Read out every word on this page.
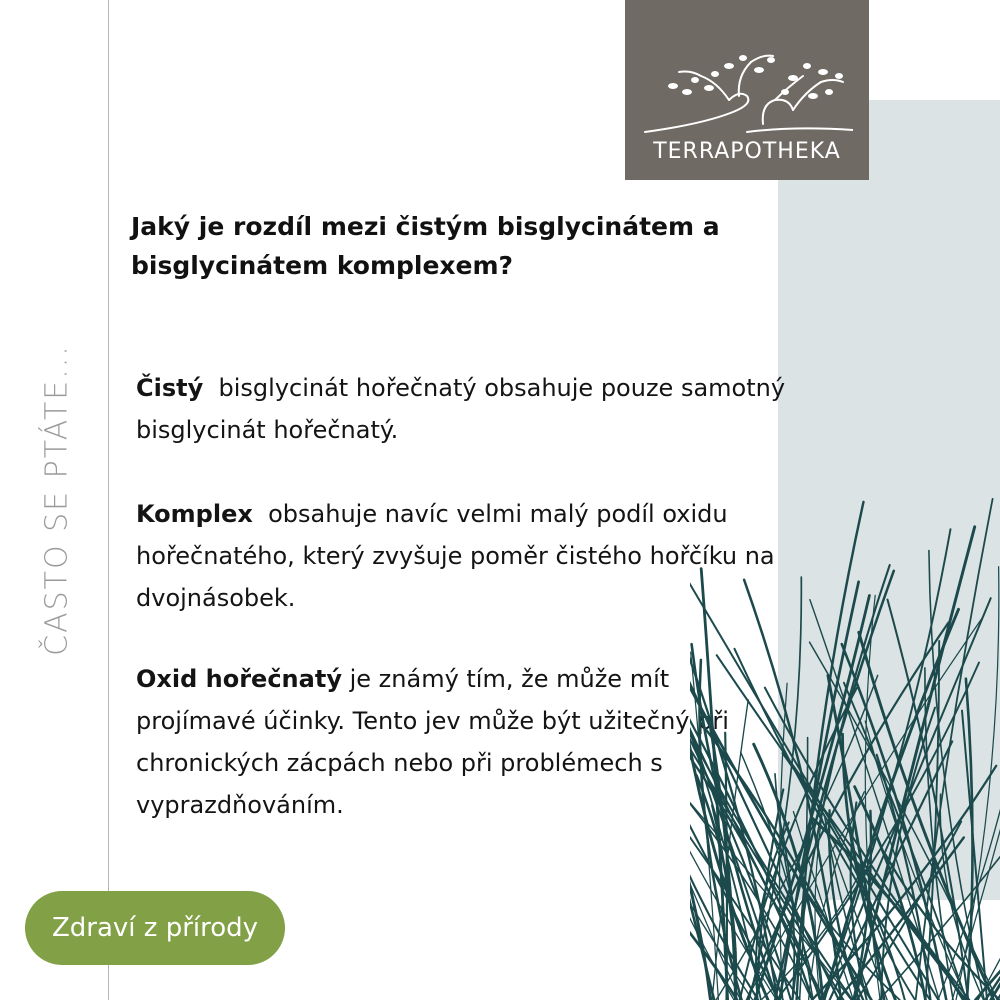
ČASTO SE PTÁTE...
TERRAPOTHEKA
Jaký je rozdíl mezi čistým bisglycinátem a bisglycinátem komplexem?
Čistý bisglycinát hořečnatý obsahuje pouze samotný bisglycinát hořečnatý.
Komplex obsahuje navíc velmi malý podíl oxidu hořečnatého, který zvyšuje poměr čistého hořčíku na dvojnásobek.
Oxid hořečnatý je známý tím, že může mít projímavé účinky. Tento jev může být užitečný při chronických zácpách nebo při problémech s vyprazdňováním.
Zdraví z přírody
